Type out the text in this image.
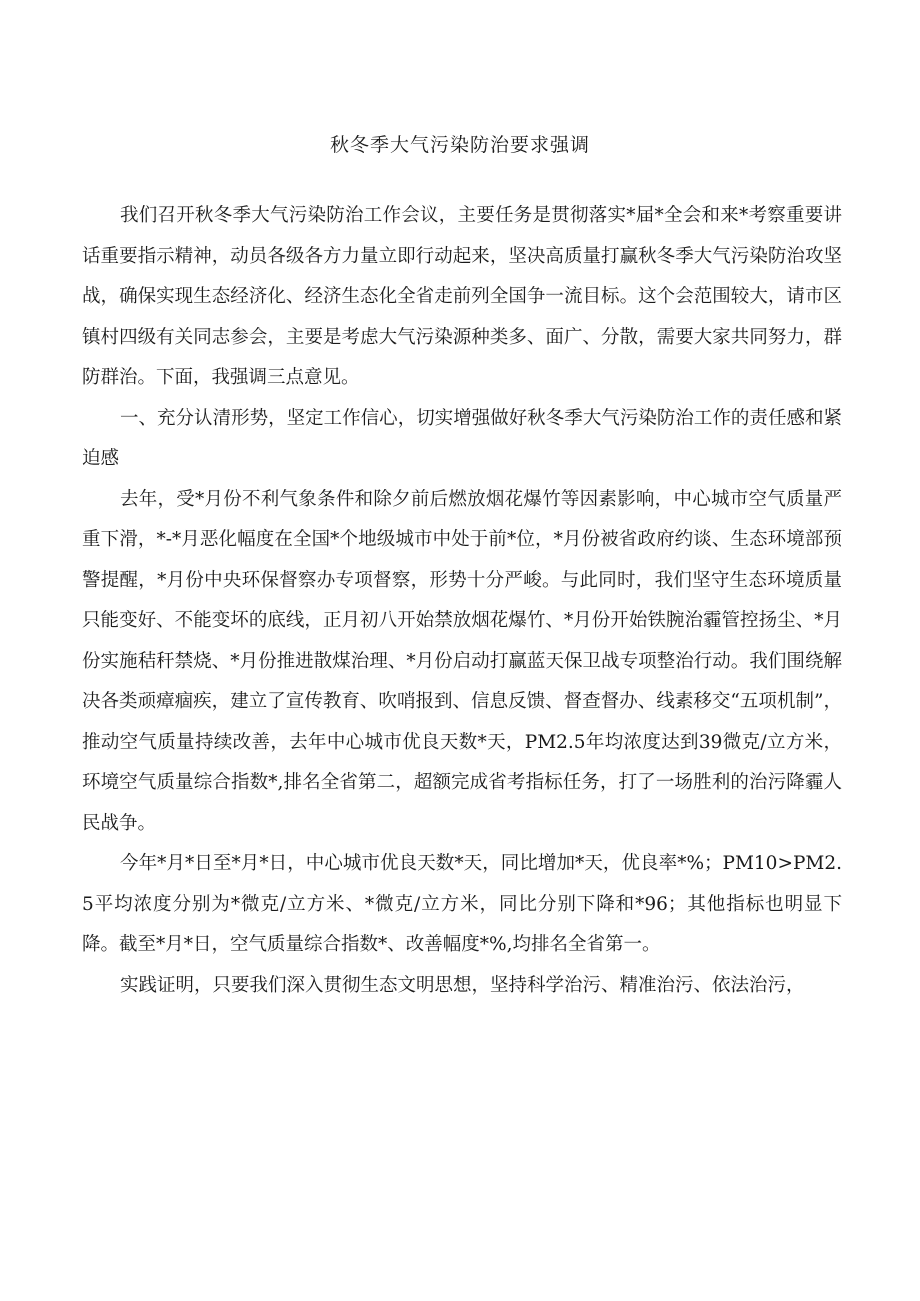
秋冬季大气污染防治要求强调

我们召开秋冬季大气污染防治工作会议，主要任务是贯彻落实*届*全会和来*考察重要讲话重要指示精神，动员各级各方力量立即行动起来，坚决高质量打赢秋冬季大气污染防治攻坚战，确保实现生态经济化、经济生态化全省走前列全国争一流目标。这个会范围较大，请市区镇村四级有关同志参会，主要是考虑大气污染源种类多、面广、分散，需要大家共同努力，群防群治。下面，我强调三点意见。

一、充分认清形势，坚定工作信心，切实增强做好秋冬季大气污染防治工作的责任感和紧迫感

去年，受*月份不利气象条件和除夕前后燃放烟花爆竹等因素影响，中心城市空气质量严重下滑，*-*月恶化幅度在全国*个地级城市中处于前*位，*月份被省政府约谈、生态环境部预警提醒，*月份中央环保督察办专项督察，形势十分严峻。与此同时，我们坚守生态环境质量只能变好、不能变坏的底线，正月初八开始禁放烟花爆竹、*月份开始铁腕治霾管控扬尘、*月份实施秸秆禁烧、*月份推进散煤治理、*月份启动打赢蓝天保卫战专项整治行动。我们围绕解决各类顽瘴痼疾，建立了宣传教育、吹哨报到、信息反馈、督查督办、线素移交“五项机制”，推动空气质量持续改善，去年中心城市优良天数*天，PM2.5年均浓度达到39微克/立方米，环境空气质量综合指数*,排名全省第二，超额完成省考指标任务，打了一场胜利的治污降霾人民战争。

今年*月*日至*月*日，中心城市优良天数*天，同比增加*天，优良率*%；PM10>PM2.5平均浓度分别为*微克/立方米、*微克/立方米，同比分别下降和*96；其他指标也明显下降。截至*月*日，空气质量综合指数*、改善幅度*%,均排名全省第一。

实践证明，只要我们深入贯彻生态文明思想，坚持科学治污、精准治污、依法治污，
